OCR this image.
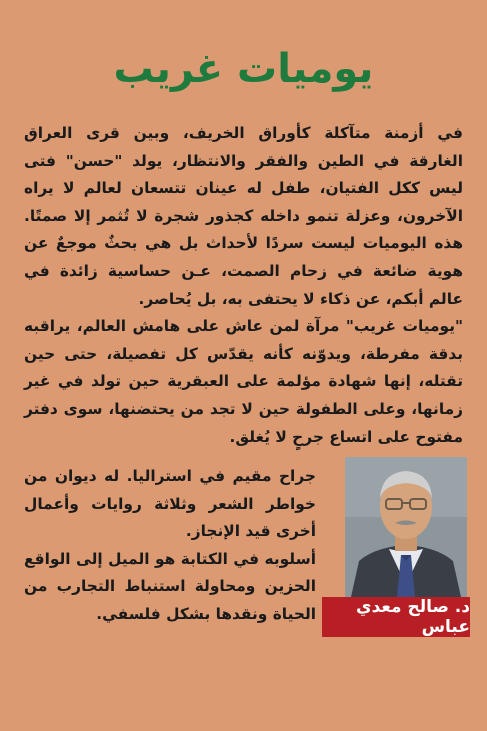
يوميات غريب

في أزمنة متآكلة كأوراق الخريف، وبين قرى العراق الغارقة في الطين والفقر والانتظار، يولد "حسن" فتى ليس ككل الفتيان، طفل له عينان تتسعان لعالم لا يراه الآخرون، وعزلة تنمو داخله كجذور شجرة لا تُثمر إلا صمتًا. هذه اليوميات ليست سردًا لأحداث بل هي بحثٌ موجعٌ عن هوية ضائعة في زحام الصمت، عـن حساسية زائدة في عالم أبكم، عن ذكاء لا يحتفى به، بل يُحاصر.

"يوميات غريب" مرآة لمن عاش على هامش العالم، يراقبه بدقة مفرطة، ويدوّنه كأنه يقدّس كل تفصيلة، حتى حين تقتله، إنها شهادة مؤلمة على العبقرية حين تولد في غير زمانها، وعلى الطفولة حين لا تجد من يحتضنها، سوى دفتر مفتوح على اتساع جرحٍ لا يُغلق.

جراح مقيم في استراليا. له ديوان من خواطر الشعر وثلاثة روايات وأعمال أخرى قيد الإنجاز.

أسلوبه في الكتابة هو الميل إلى الواقع الحزين ومحاولة استنباط التجارب من الحياة ونقدها بشكل فلسفي.	د. صالح معدي عباس
